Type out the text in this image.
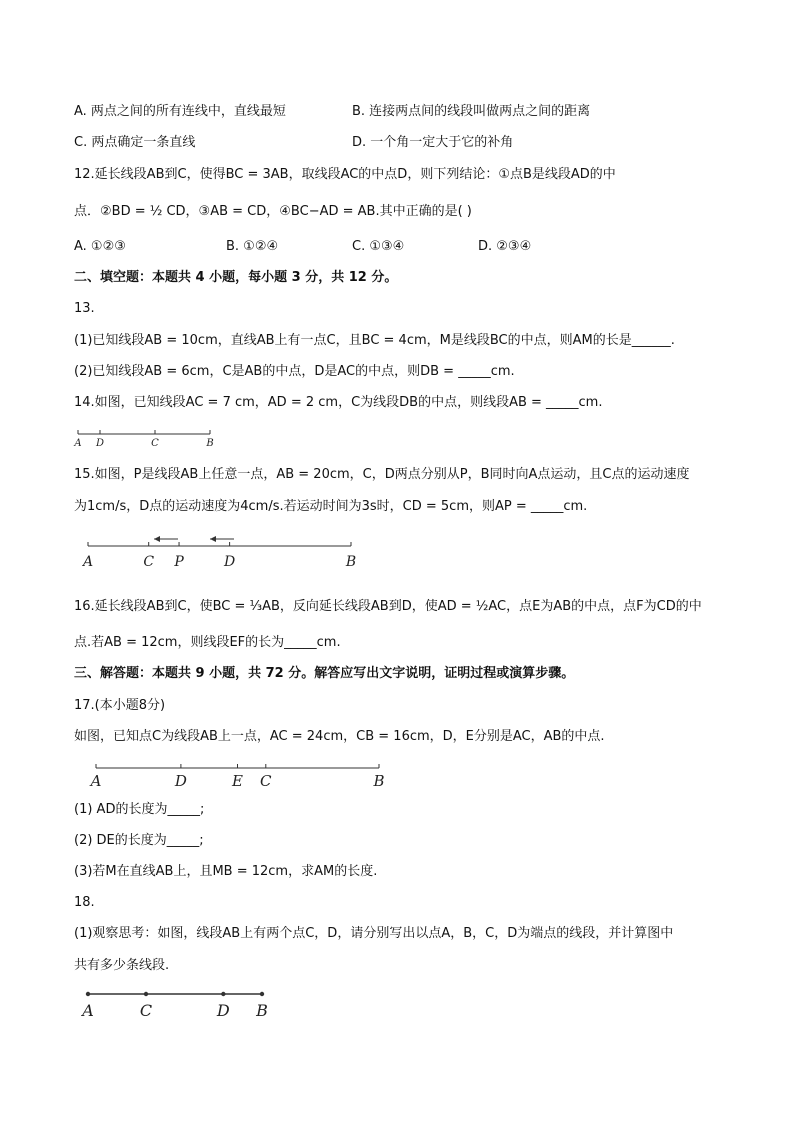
A. 两点之间的所有连线中，直线最短	B. 连接两点间的线段叫做两点之间的距离
C. 两点确定一条直线	D. 一个角一定大于它的补角
12.延长线段AB到C，使得BC = 3AB，取线段AC的中点D，则下列结论：①点B是线段AD的中
点．②BD = ½ CD，③AB = CD，④BC−AD = AB.其中正确的是( )
A. ①②③	B. ①②④	C. ①③④	D. ②③④
二、填空题：本题共 4 小题，每小题 3 分，共 12 分。
13.
(1)已知线段AB = 10cm，直线AB上有一点C，且BC = 4cm，M是线段BC的中点，则AM的长是______.
(2)已知线段AB = 6cm，C是AB的中点，D是AC的中点，则DB = _____cm.
14.如图，已知线段AC = 7 cm，AD = 2 cm，C为线段DB的中点，则线段AB = _____cm.
A D	C	B
15.如图，P是线段AB上任意一点，AB = 20cm，C，D两点分别从P，B同时向A点运动，且C点的运动速度
为1cm/s，D点的运动速度为4cm/s.若运动时间为3s时，CD = 5cm，则AP = _____cm.
A	C P	D	B
16.延长线段AB到C，使BC = ⅓AB，反向延长线段AB到D，使AD = ½AC，点E为AB的中点，点F为CD的中
点.若AB = 12cm，则线段EF的长为_____cm.
三、解答题：本题共 9 小题，共 72 分。解答应写出文字说明，证明过程或演算步骤。
17.(本小题8分)
如图，已知点C为线段AB上一点，AC = 24cm，CB = 16cm，D，E分别是AC，AB的中点.
A	D	E C	B
(1) AD的长度为_____;
(2) DE的长度为_____;
(3)若M在直线AB上，且MB = 12cm，求AM的长度.
18.
(1)观察思考：如图，线段AB上有两个点C，D，请分别写出以点A，B，C，D为端点的线段，并计算图中
共有多少条线段.
A	C	D B
